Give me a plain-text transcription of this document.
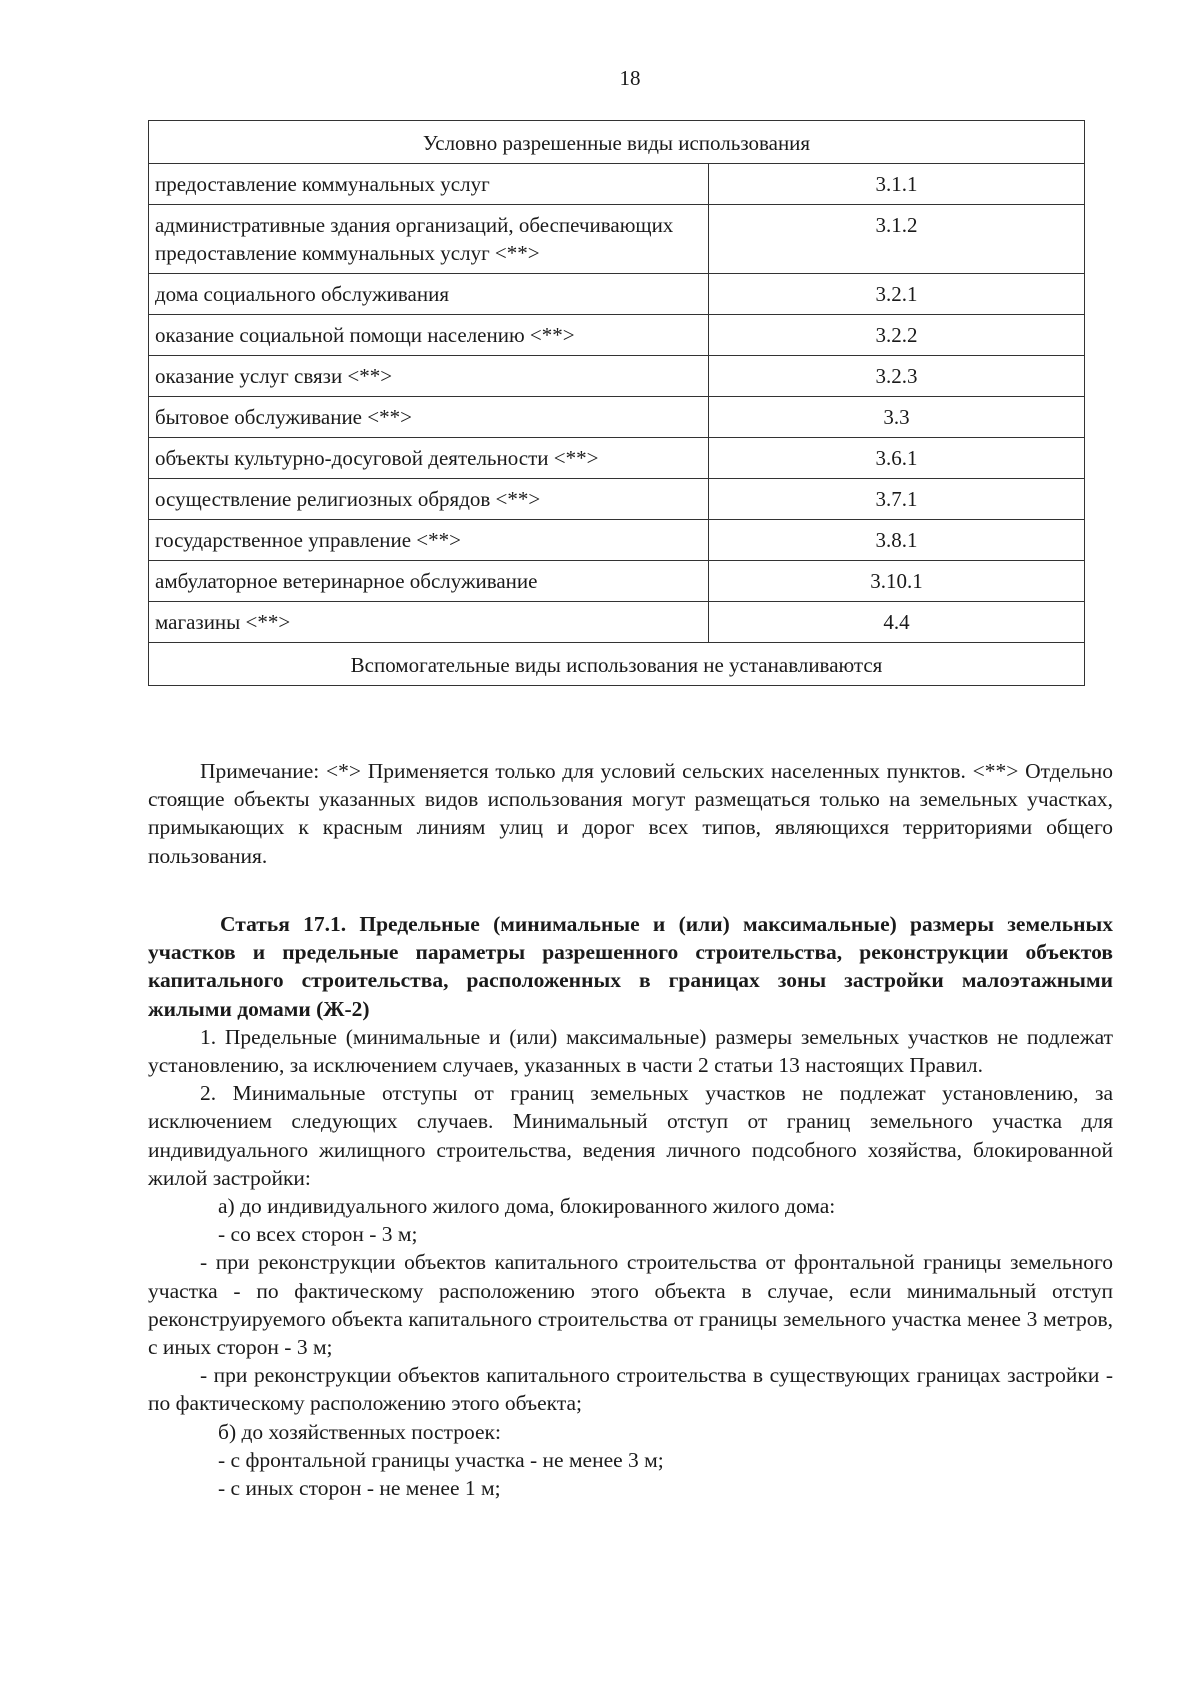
18
Условно разрешенные виды использования	
предоставление коммунальных услуг	3.1.1
административные здания организаций, обеспечивающих предоставление коммунальных услуг <**>	3.1.2
дома социального обслуживания	3.2.1
оказание социальной помощи населению <**>	3.2.2
оказание услуг связи <**>	3.2.3
бытовое обслуживание <**>	3.3
объекты культурно-досуговой деятельности <**>	3.6.1
осуществление религиозных обрядов <**>	3.7.1
государственное управление <**>	3.8.1
амбулаторное ветеринарное обслуживание	3.10.1
магазины <**>	4.4
Вспомогательные виды использования не устанавливаются	

Примечание: <*> Применяется только для условий сельских населенных пунктов. <**> Отдельно стоящие объекты указанных видов использования могут размещаться только на земельных участках, примыкающих к красным линиям улиц и дорог всех типов, являющихся территориями общего пользования.

Статья 17.1. Предельные (минимальные и (или) максимальные) размеры земельных участков и предельные параметры разрешенного строительства, реконструкции объектов капитального строительства, расположенных в границах зоны застройки малоэтажными жилыми домами (Ж-2)

1. Предельные (минимальные и (или) максимальные) размеры земельных участков не подлежат установлению, за исключением случаев, указанных в части 2 статьи 13 настоящих Правил.

2. Минимальные отступы от границ земельных участков не подлежат установлению, за исключением следующих случаев. Минимальный отступ от границ земельного участка для индивидуального жилищного строительства, ведения личного подсобного хозяйства, блокированной жилой застройки:

а) до индивидуального жилого дома, блокированного жилого дома:

- со всех сторон - 3 м;

- при реконструкции объектов капитального строительства от фронтальной границы земельного участка - по фактическому расположению этого объекта в случае, если минимальный отступ реконструируемого объекта капитального строительства от границы земельного участка менее 3 метров, с иных сторон - 3 м;

- при реконструкции объектов капитального строительства в существующих границах застройки - по фактическому расположению этого объекта;

б) до хозяйственных построек:

- с фронтальной границы участка - не менее 3 м;

- с иных сторон - не менее 1 м;
